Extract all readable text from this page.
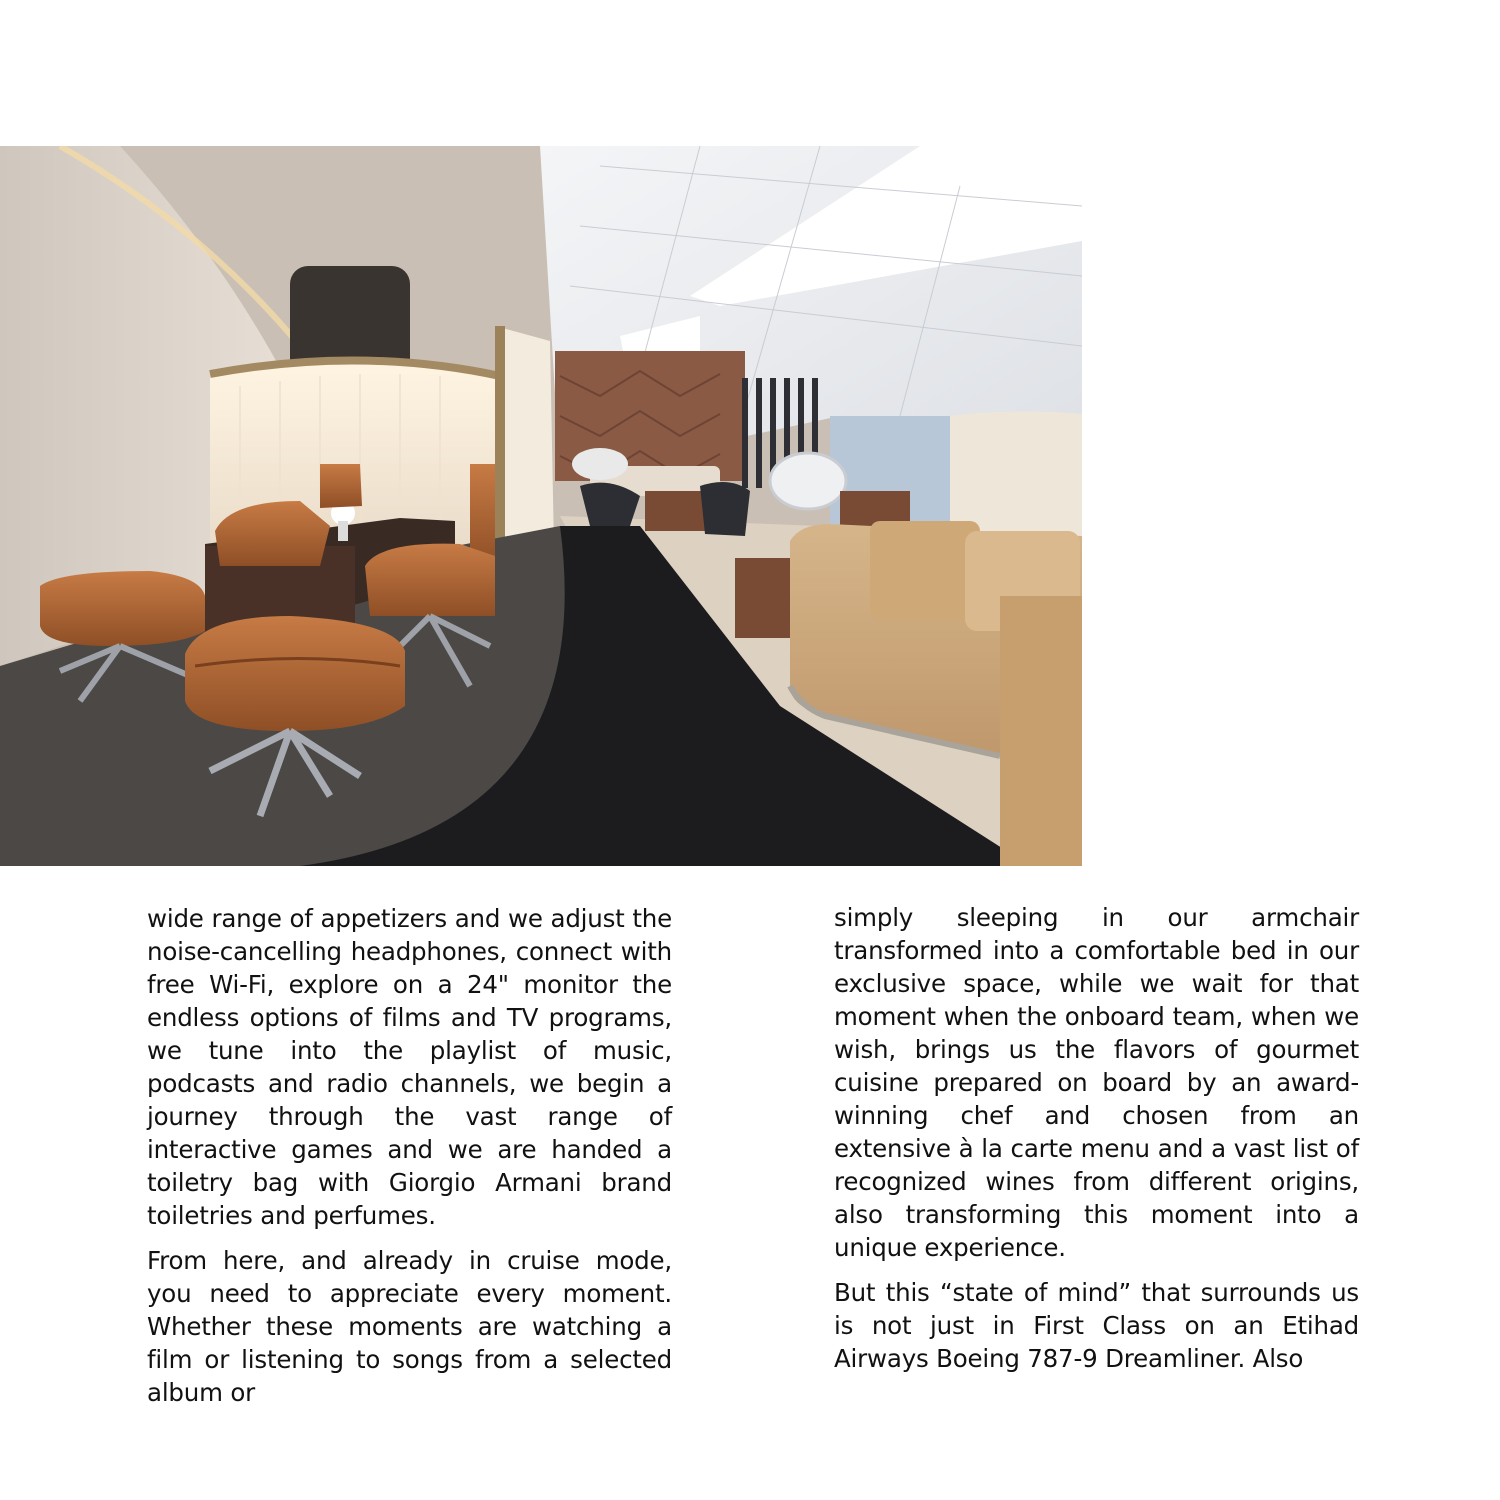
wide range of appetizers and we adjust the noise-cancelling headphones, connect with free Wi-Fi, explore on a 24" monitor the endless options of films and TV programs, we tune into the playlist of music, podcasts and radio channels, we begin a journey through the vast range of interactive games and we are handed a toiletry bag with Giorgio Armani brand toiletries and perfumes.

From here, and already in cruise mode, you need to appreciate every moment. Whether these moments are watching a film or listening to songs from a selected album or

simply sleeping in our armchair transformed into a comfortable bed in our exclusive space, while we wait for that moment when the onboard team, when we wish, brings us the flavors of gourmet cuisine prepared on board by an award-winning chef and chosen from an extensive à la carte menu and a vast list of recognized wines from different origins, also transforming this moment into a unique experience.

But this “state of mind” that surrounds us is not just in First Class on an Etihad Airways Boeing 787-9 Dreamliner. Also
